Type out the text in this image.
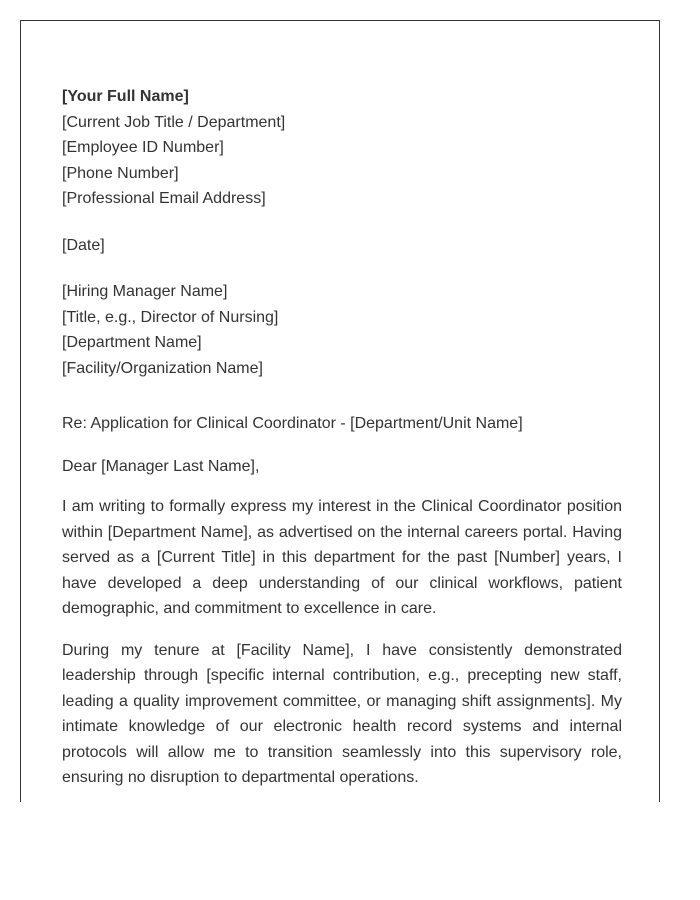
[Your Full Name]
[Current Job Title / Department]
[Employee ID Number]
[Phone Number]
[Professional Email Address]
[Date]
[Hiring Manager Name]
[Title, e.g., Director of Nursing]
[Department Name]
[Facility/Organization Name]
Re: Application for Clinical Coordinator - [Department/Unit Name]
Dear [Manager Last Name],

I am writing to formally express my interest in the Clinical Coordinator position within [Department Name], as advertised on the internal careers portal. Having served as a [Current Title] in this department for the past [Number] years, I have developed a deep understanding of our clinical workflows, patient demographic, and commitment to excellence in care.

During my tenure at [Facility Name], I have consistently demonstrated leadership through [specific internal contribution, e.g., precepting new staff, leading a quality improvement committee, or managing shift assignments]. My intimate knowledge of our electronic health record systems and internal protocols will allow me to transition seamlessly into this supervisory role, ensuring no disruption to departmental operations.
